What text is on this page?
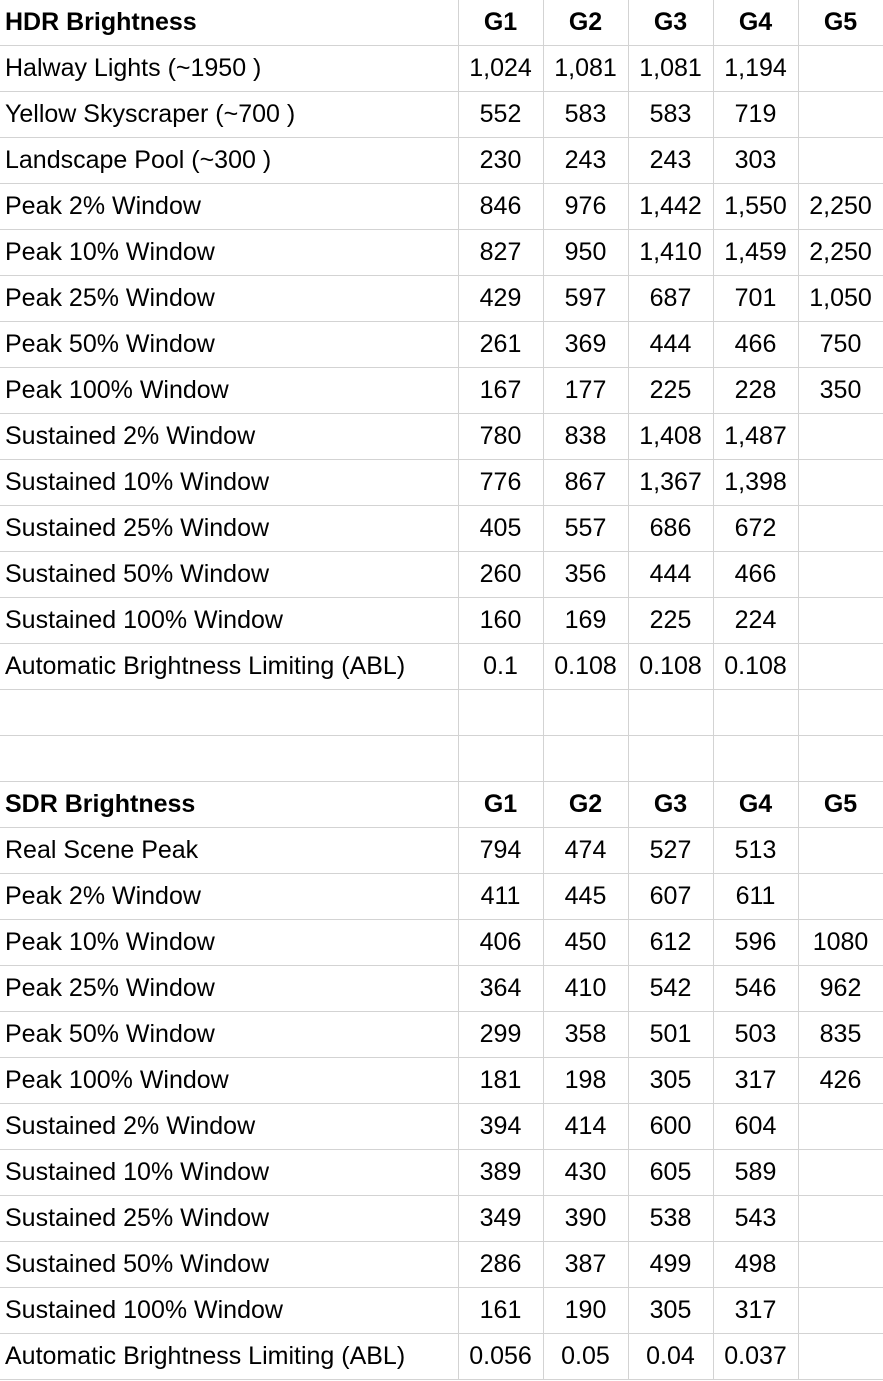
HDR Brightness	G1	G2	G3	G4	G5
Halway Lights (~1950 )	1,024	1,081	1,081	1,194	
Yellow Skyscraper (~700 )	552	583	583	719	
Landscape Pool (~300 )	230	243	243	303	
Peak 2% Window	846	976	1,442	1,550	2,250
Peak 10% Window	827	950	1,410	1,459	2,250
Peak 25% Window	429	597	687	701	1,050
Peak 50% Window	261	369	444	466	750
Peak 100% Window	167	177	225	228	350
Sustained 2% Window	780	838	1,408	1,487	
Sustained 10% Window	776	867	1,367	1,398	
Sustained 25% Window	405	557	686	672	
Sustained 50% Window	260	356	444	466	
Sustained 100% Window	160	169	225	224	
Automatic Brightness Limiting (ABL)	0.1	0.108	0.108	0.108	

SDR Brightness	G1	G2	G3	G4	G5
Real Scene Peak	794	474	527	513	
Peak 2% Window	411	445	607	611	
Peak 10% Window	406	450	612	596	1080
Peak 25% Window	364	410	542	546	962
Peak 50% Window	299	358	501	503	835
Peak 100% Window	181	198	305	317	426
Sustained 2% Window	394	414	600	604	
Sustained 10% Window	389	430	605	589	
Sustained 25% Window	349	390	538	543	
Sustained 50% Window	286	387	499	498	
Sustained 100% Window	161	190	305	317	
Automatic Brightness Limiting (ABL)	0.056	0.05	0.04	0.037	
